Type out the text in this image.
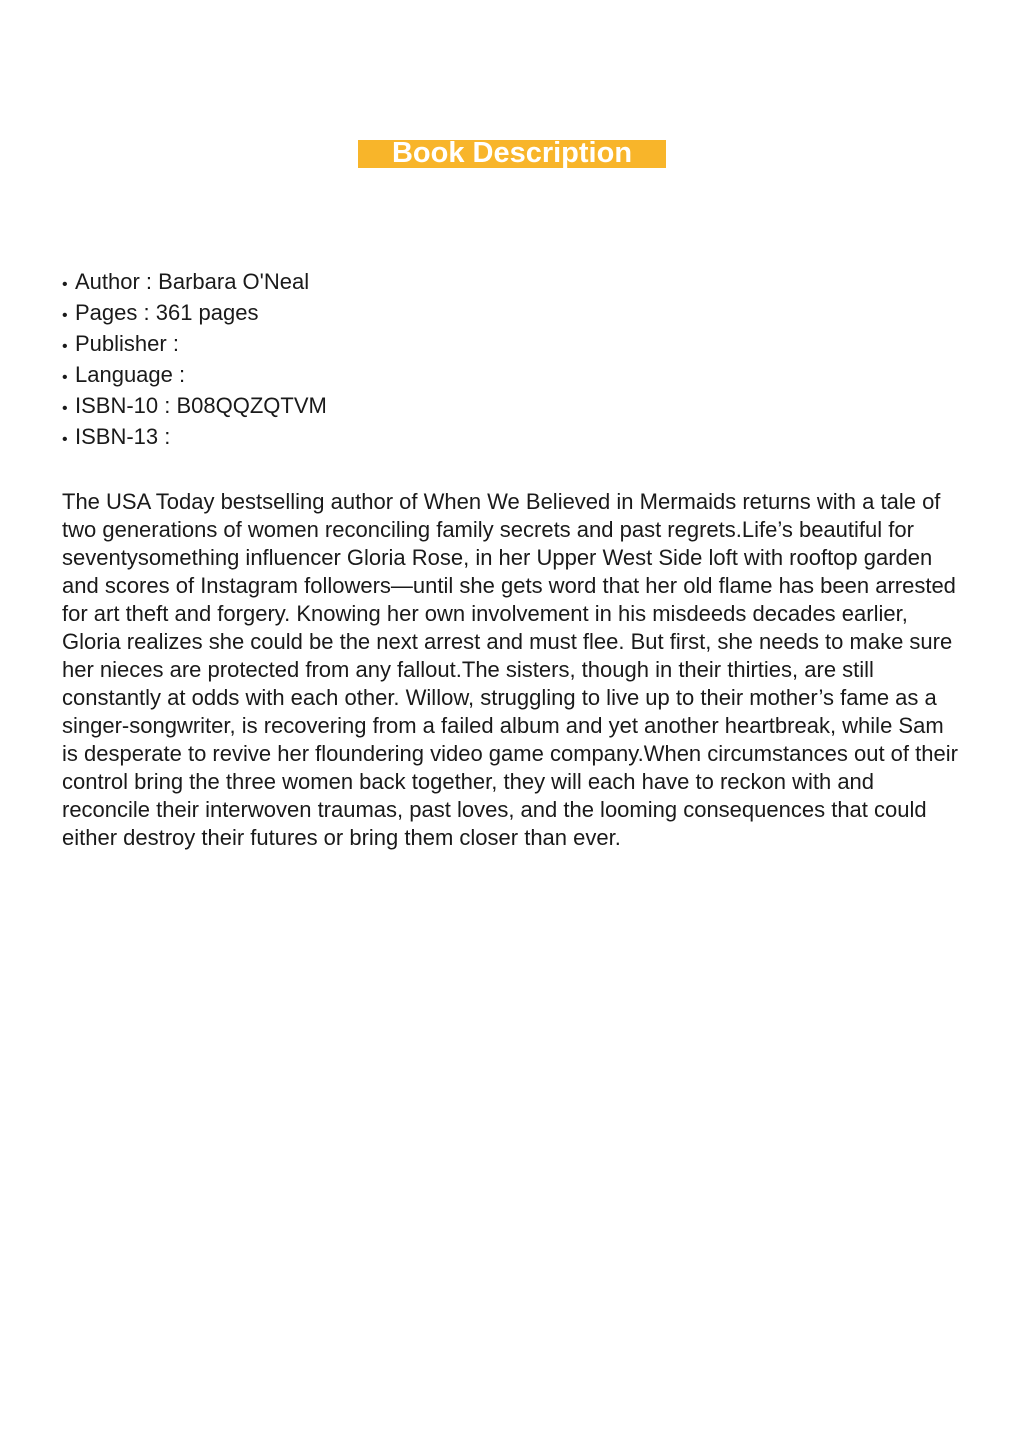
Book Description
• Author : Barbara O'Neal
• Pages : 361 pages
• Publisher :
• Language :
• ISBN-10 : B08QQZQTVM
• ISBN-13 :

The USA Today bestselling author of When We Believed in Mermaids returns with a tale of two generations of women reconciling family secrets and past regrets.Life’s beautiful for seventysomething influencer Gloria Rose, in her Upper West Side loft with rooftop garden and scores of Instagram followers—until she gets word that her old flame has been arrested for art theft and forgery. Knowing her own involvement in his misdeeds decades earlier, Gloria realizes she could be the next arrest and must flee. But first, she needs to make sure her nieces are protected from any fallout.The sisters, though in their thirties, are still constantly at odds with each other. Willow, struggling to live up to their mother’s fame as a singer-songwriter, is recovering from a failed album and yet another heartbreak, while Sam is desperate to revive her floundering video game company.When circumstances out of their control bring the three women back together, they will each have to reckon with and reconcile their interwoven traumas, past loves, and the looming consequences that could either destroy their futures or bring them closer than ever.
